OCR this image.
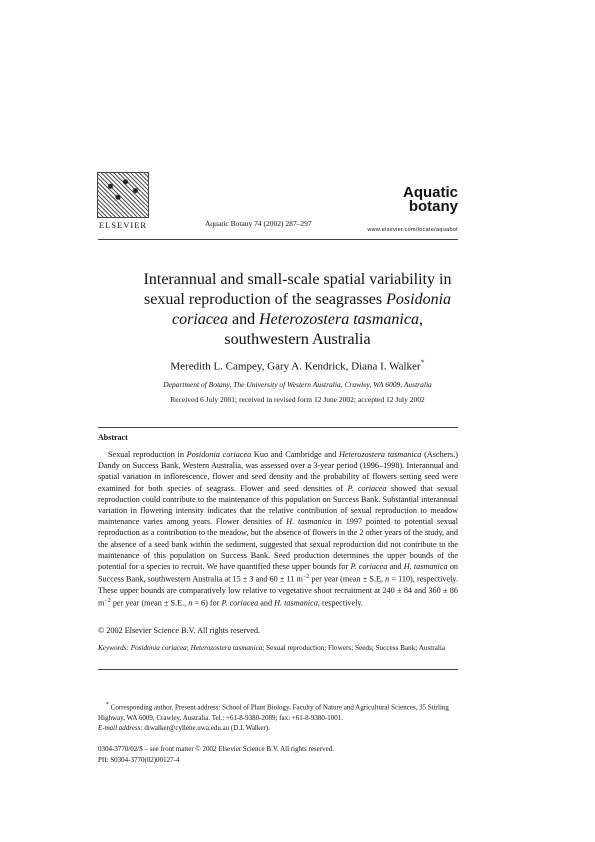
ELSEVIER	Aquatic Botany 74 (2002) 287–297
Aquatic
botany
www.elsevier.com/locate/aquabot
Interannual and small-scale spatial variability in
sexual reproduction of the seagrasses Posidonia
coriacea and Heterozostera tasmanica,
southwestern Australia
Meredith L. Campey, Gary A. Kendrick, Diana I. Walker*
Department of Botany, The University of Western Australia, Crawley, WA 6009, Australia
Received 6 July 2001; received in revised form 12 June 2002; accepted 12 July 2002
Abstract

Sexual reproduction in Posidonia coriacea Kuo and Cambridge and Heterozostera tasmanica (Aschers.) Dandy on Success Bank, Western Australia, was assessed over a 3-year period (1996–1998). Interannual and spatial variation in inflorescence, flower and seed density and the probability of flowers setting seed were examined for both species of seagrass. Flower and seed densities of P. coriacea showed that sexual reproduction could contribute to the maintenance of this population on Success Bank. Substantial interannual variation in flowering intensity indicates that the relative contribution of sexual reproduction to meadow maintenance varies among years. Flower densities of H. tasmanica in 1997 pointed to potential sexual reproduction as a contribution to the meadow, but the absence of flowers in the 2 other years of the study, and the absence of a seed bank within the sediment, suggested that sexual reproduction did not contribute to the maintenance of this population on Success Bank. Seed production determines the upper bounds of the potential for a species to recruit. We have quantified these upper bounds for P. coriacea and H. tasmanica on Success Bank, southwestern Australia at 15 ± 3 and 60 ± 11 $m^{-2}$ per year (mean ± S.E, n = 110), respectively. These upper bounds are comparatively low relative to vegetative shoot recruitment at 240 ± 84 and 360 ± 86 $m^{-2}$ per year (mean ± S.E., n = 6) for P. coriacea and H. tasmanica, respectively.

© 2002 Elsevier Science B.V. All rights reserved.
Keywords: Posidonia coriacea; Heterozostera tasmanica; Sexual reproduction; Flowers; Seeds; Success Bank; Australia
* Corresponding author. Present address: School of Plant Biology, Faculty of Nature and Agricultural Sciences, 35 Stirling Highway, WA 6009, Crawley, Australia. Tel.: +61-8-9380-2089; fax: +61-8-9380-1001.
E-mail address: diwalker@cyllene.uwa.edu.au (D.I. Walker).
0304-3770/02/$ – see front matter © 2002 Elsevier Science B.V. All rights reserved.
PII: S0304-3770(02)00127-4
